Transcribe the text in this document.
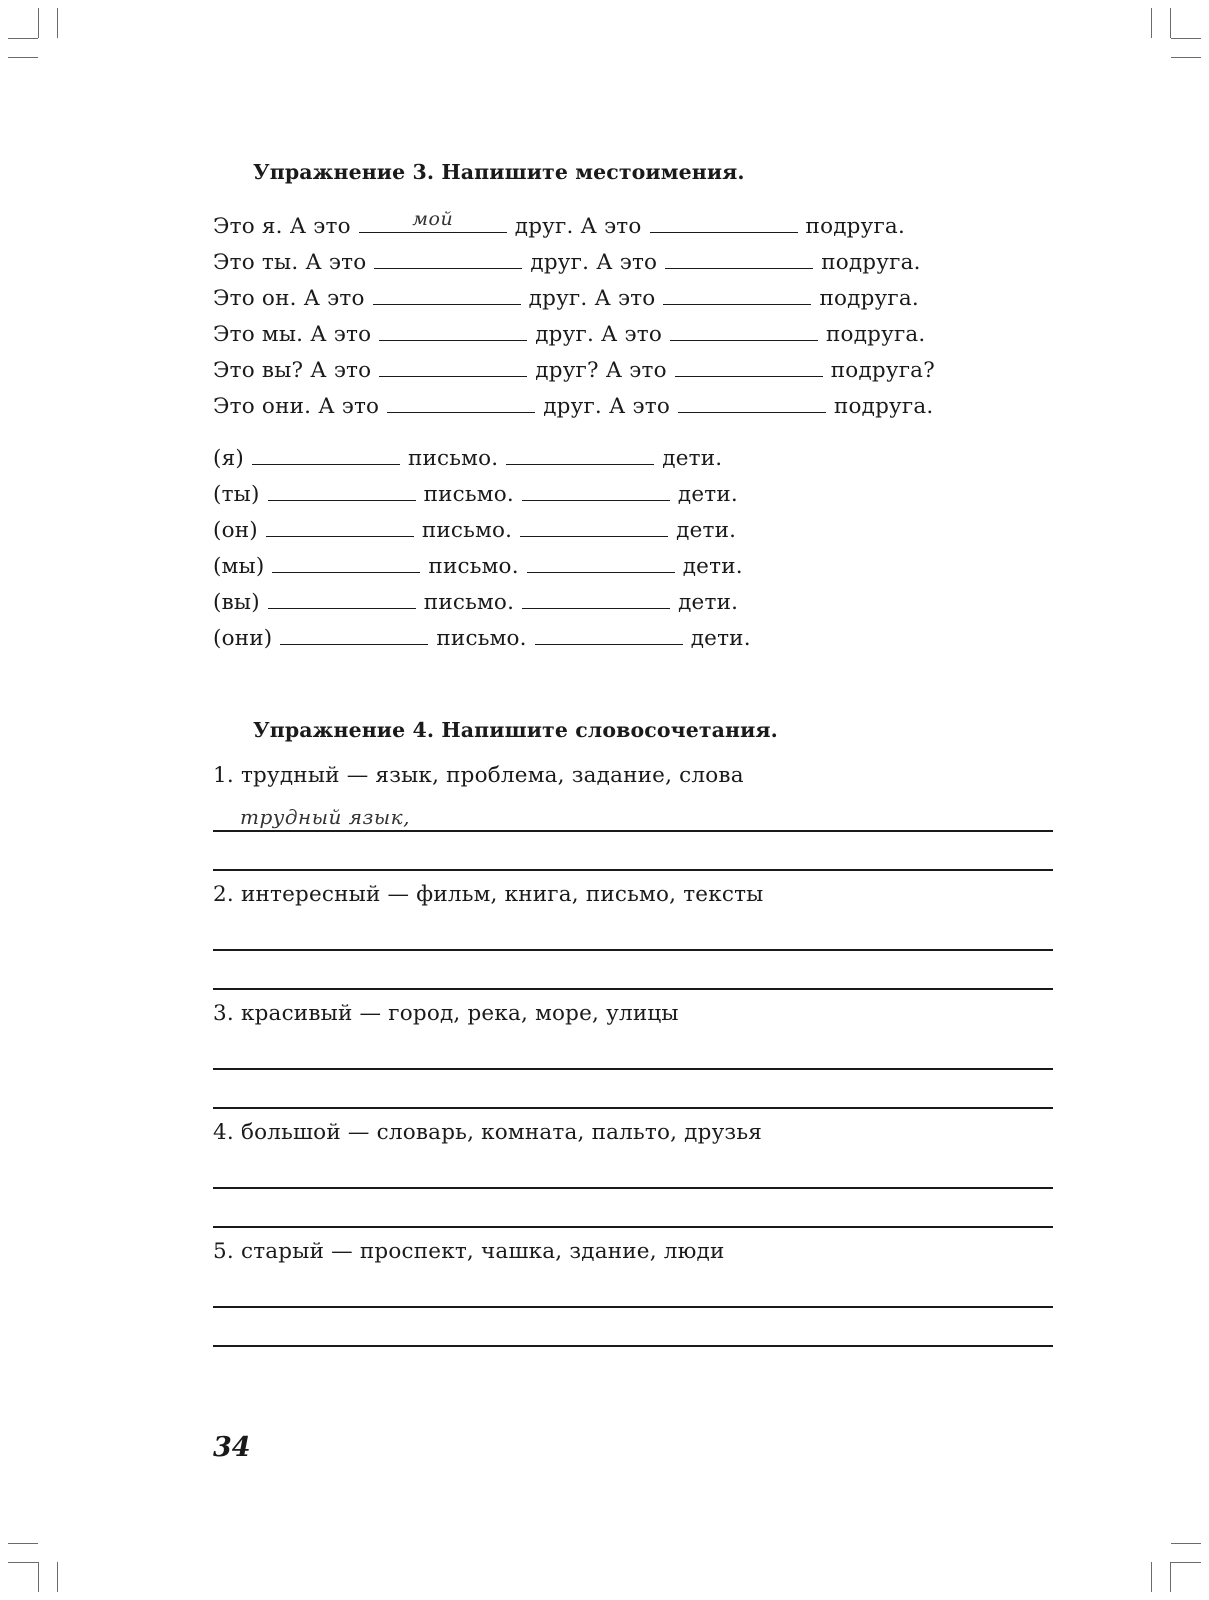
Упражнение 3. Напишите местоимения.
Это я. А это	мой	друг. А это	подруга.
Это ты. А это	друг. А это	подруга.
Это он. А это	друг. А это	подруга.
Это мы. А это	друг. А это	подруга.
Это вы? А это	друг? А это	подруга?
Это они. А это	друг. А это	подруга.
(я)	письмо.	дети.
(ты)	письмо.	дети.
(он)	письмо.	дети.
(мы)	письмо.	дети.
(вы)	письмо.	дети.
(они)	письмо.	дети.
Упражнение 4. Напишите словосочетания.
1. трудный — язык, проблема, задание, слова
трудный язык,
2. интересный — фильм, книга, письмо, тексты
3. красивый — город, река, море, улицы
4. большой — словарь, комната, пальто, друзья
5. старый — проспект, чашка, здание, люди
34
